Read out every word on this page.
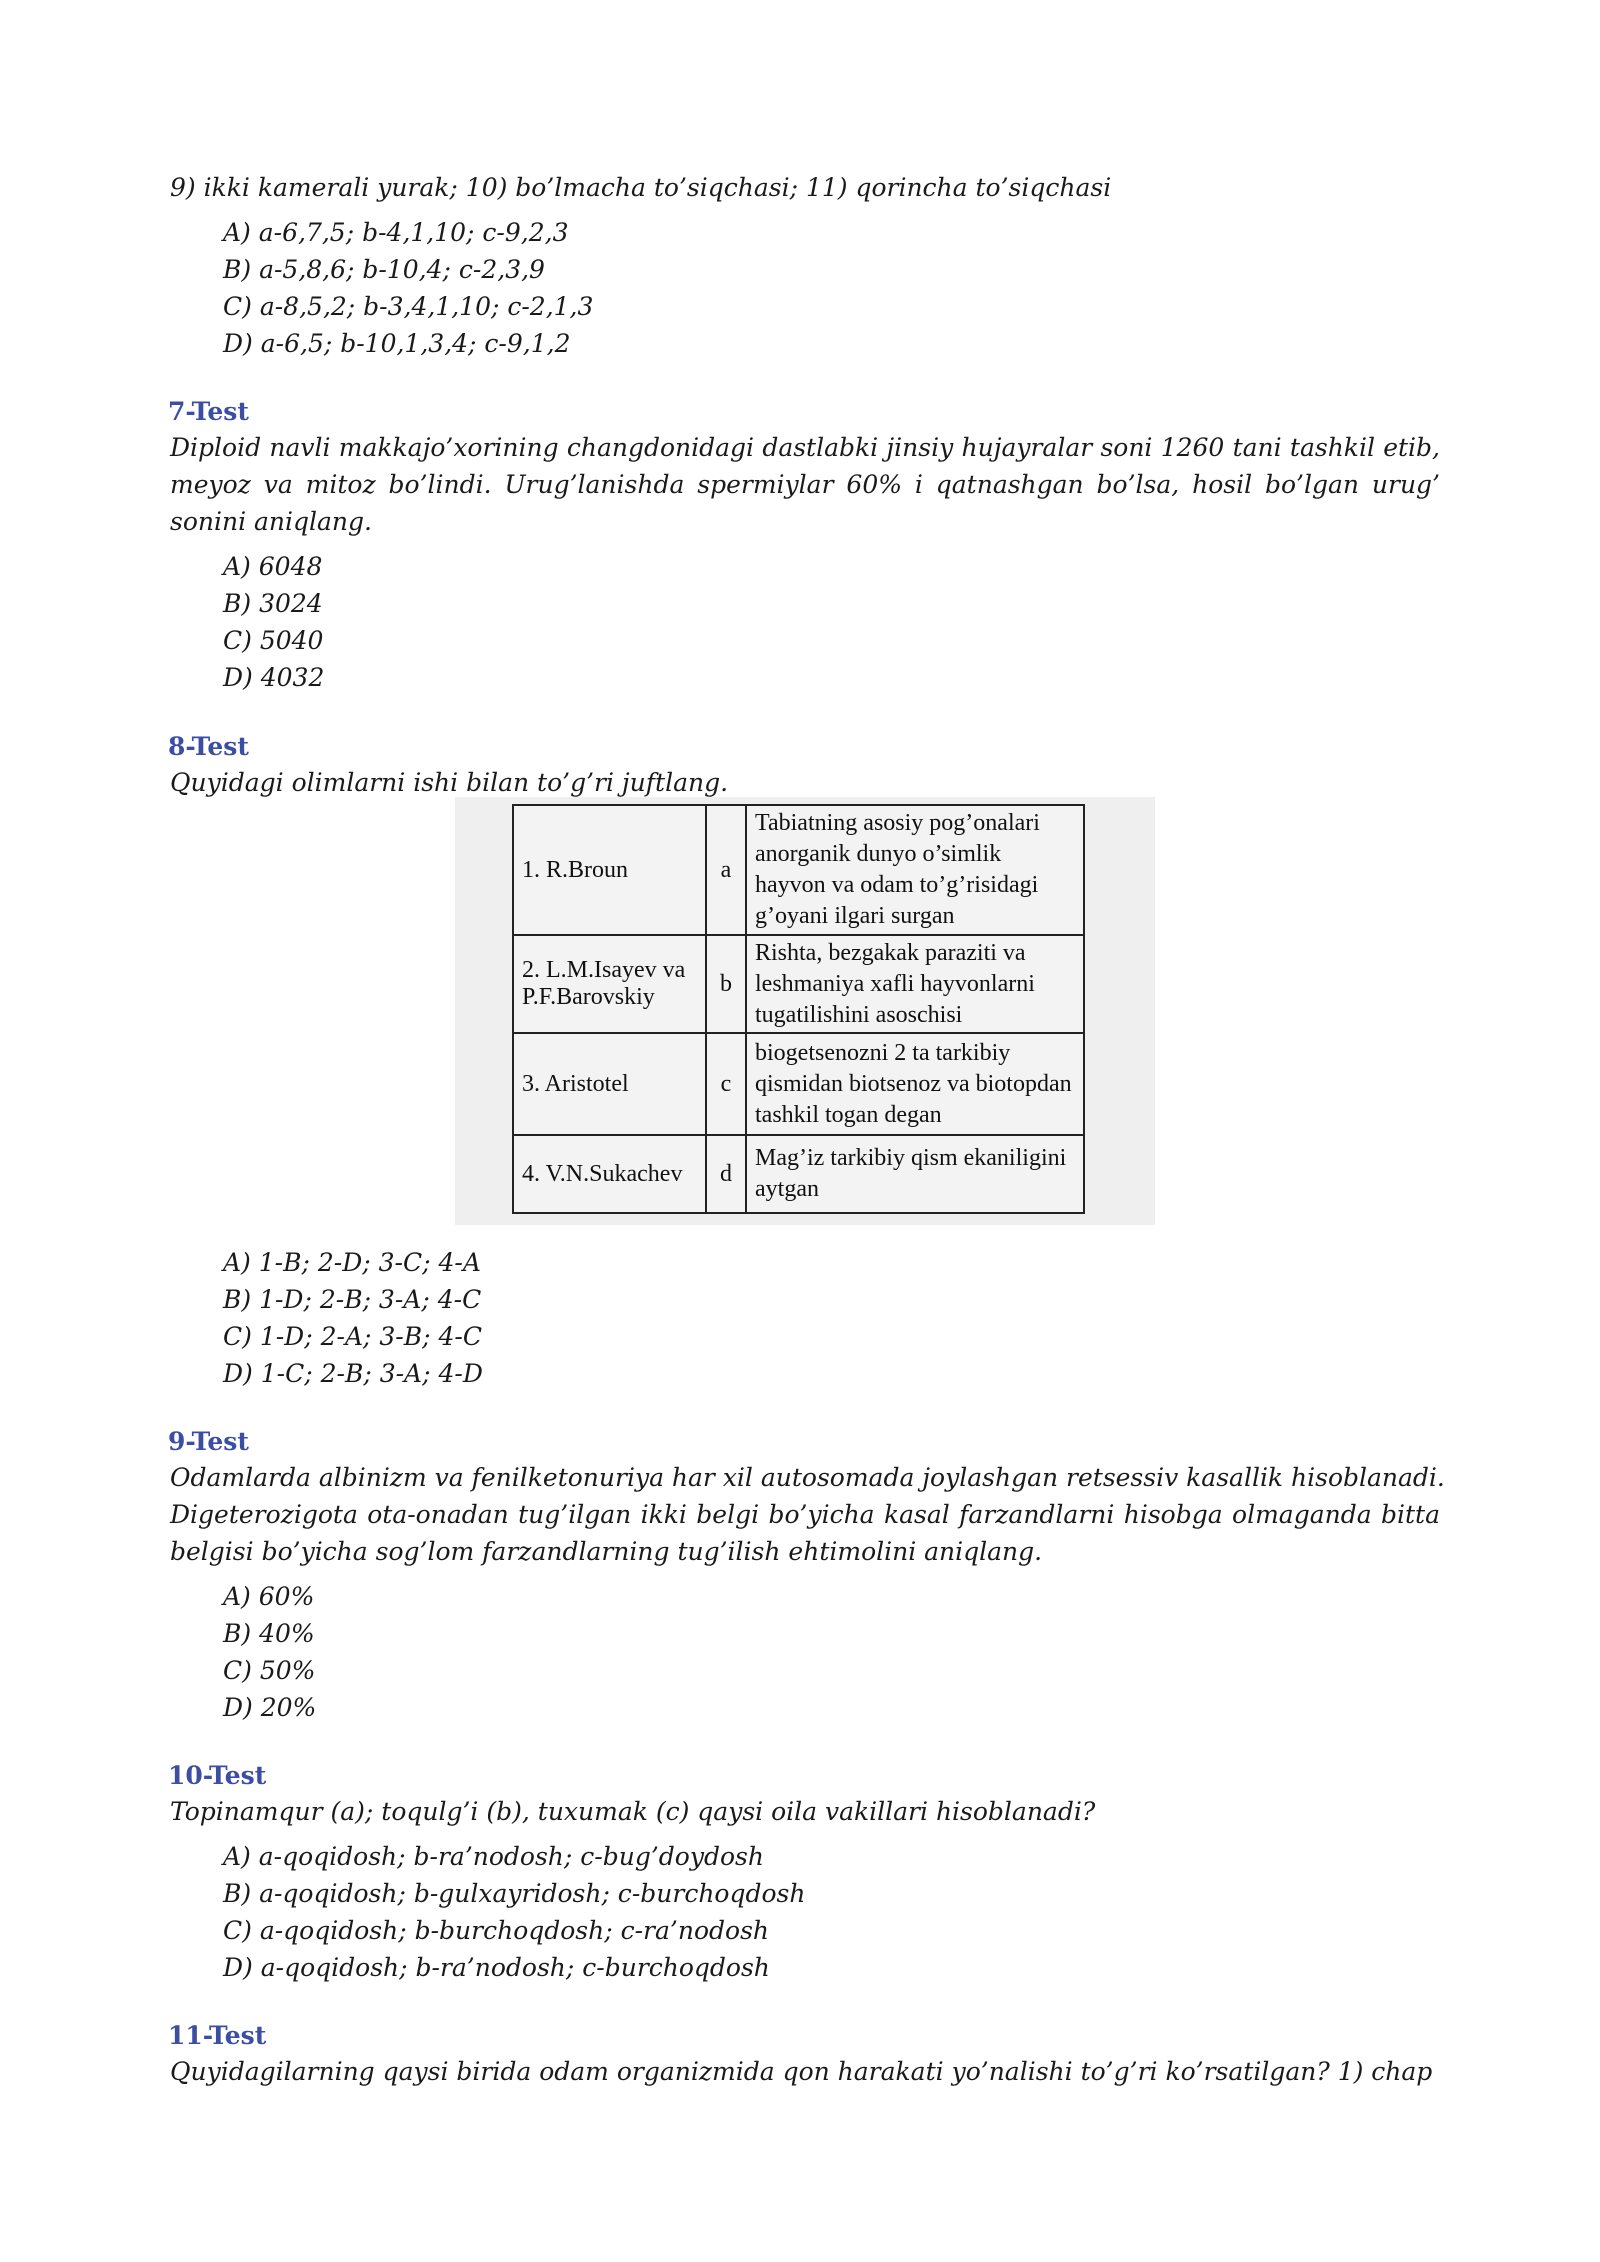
9) ikki kamerali yurak; 10) bo’lmacha to’siqchasi; 11) qorincha to’siqchasi
A) a-6,7,5; b-4,1,10; c-9,2,3
B) a-5,8,6; b-10,4; c-2,3,9
C) a-8,5,2; b-3,4,1,10; c-2,1,3
D) a-6,5; b-10,1,3,4; c-9,1,2
7-Test
Diploid navli makkajo’xorining changdonidagi dastlabki jinsiy hujayralar soni 1260 tani tashkil etib,
meyoz va mitoz bo’lindi. Urug’lanishda spermiylar 60% i qatnashgan bo’lsa, hosil bo’lgan urug’
sonini aniqlang.
A) 6048
B) 3024
C) 5040
D) 4032
8-Test
Quyidagi olimlarni ishi bilan to’g’ri juftlang.
1. R.Broun	a	Tabiatning asosiy pog’onalari
anorganik dunyo o’simlik
hayvon va odam to’g’risidagi
g’oyani ilgari surgan

2. L.M.Isayev va P.F.Barovskiy	b	Rishta, bezgakak paraziti va
leshmaniya xafli hayvonlarni
tugatilishini asoschisi

3. Aristotel	c	biogetsenozni 2 ta tarkibiy
qismidan biotsenoz va biotopdan
tashkil togan degan

4. V.N.Sukachev	d	Mag’iz tarkibiy qism ekaniligini
aytgan
A) 1-B; 2-D; 3-C; 4-A
B) 1-D; 2-B; 3-A; 4-C
C) 1-D; 2-A; 3-B; 4-C
D) 1-C; 2-B; 3-A; 4-D
9-Test
Odamlarda albinizm va fenilketonuriya har xil autosomada joylashgan retsessiv kasallik hisoblanadi.
Digeterozigota ota-onadan tug’ilgan ikki belgi bo’yicha kasal farzandlarni hisobga olmaganda bitta
belgisi bo’yicha sog’lom farzandlarning tug’ilish ehtimolini aniqlang.
A) 60%
B) 40%
C) 50%
D) 20%
10-Test
Topinamqur (a); toqulg’i (b), tuxumak (c) qaysi oila vakillari hisoblanadi?
A) a-qoqidosh; b-ra’nodosh; c-bug’doydosh
B) a-qoqidosh; b-gulxayridosh; c-burchoqdosh
C) a-qoqidosh; b-burchoqdosh; c-ra’nodosh
D) a-qoqidosh; b-ra’nodosh; c-burchoqdosh
11-Test
Quyidagilarning qaysi birida odam organizmida qon harakati yo’nalishi to’g’ri ko’rsatilgan? 1) chap
